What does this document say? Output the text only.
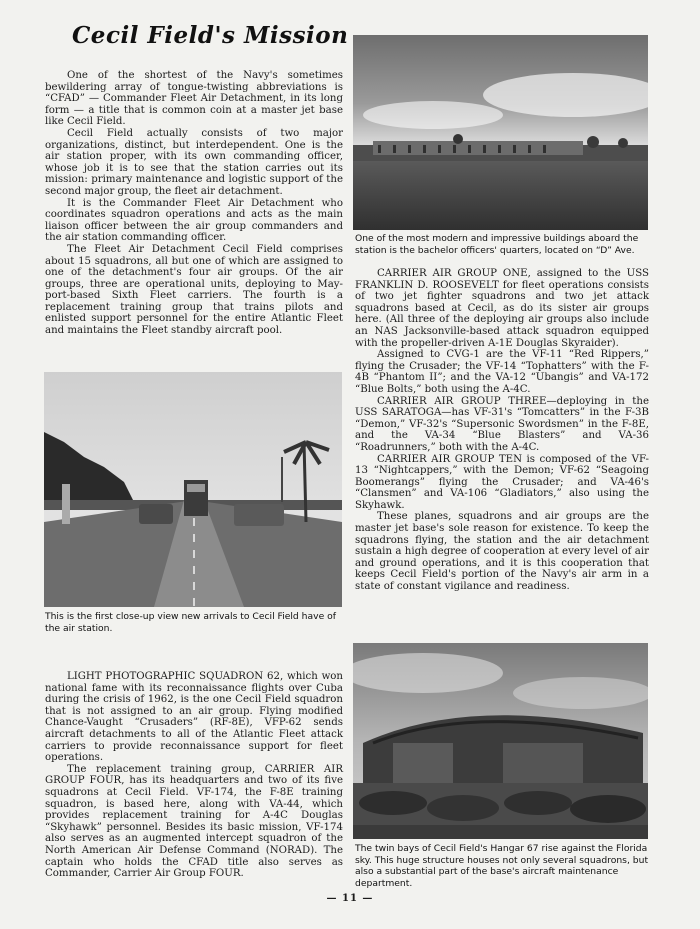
Cecil Field's Mission

One of the shortest of the Navy's sometimes bewildering array of tongue-twisting abbreviations is “CFAD” — Commander Fleet Air Detachment, in its long form — a title that is common coin at a master jet base like Cecil Field.

Cecil Field actually consists of two major organizations, distinct, but interdependent. One is the air station proper, with its own commanding officer, whose job it is to see that the station carries out its mission: primary maintenance and logistic support of the second major group, the fleet air detachment.

It is the Commander Fleet Air Detachment who coordinates squadron operations and acts as the main liaison officer between the air group commanders and the air station commanding officer.

The Fleet Air Detachment Cecil Field comprises about 15 squadrons, all but one of which are assigned to one of the detachment's four air groups. Of the air groups, three are operational units, deploying to May-port-based Sixth Fleet carriers. The fourth is a replacement training group that trains pilots and enlisted support personnel for the entire Atlantic Fleet and maintains the Fleet standby aircraft pool.

One of the most modern and impressive buildings aboard the station is the bachelor officers' quarters, located on “D” Ave.

CARRIER AIR GROUP ONE, assigned to the USS FRANKLIN D. ROOSEVELT for fleet operations consists of two jet fighter squadrons and two jet attack squadrons based at Cecil, as do its sister air groups here. (All three of the deploying air groups also include an NAS Jacksonville-based attack squadron equipped with the propeller-driven A-1E Douglas Skyraider).

Assigned to CVG-1 are the VF-11 “Red Rippers,” flying the Crusader; the VF-14 “Tophatters” with the F-4B “Phantom II”; and the VA-12 “Ubangis” and VA-172 “Blue Bolts,” both using the A-4C.

CARRIER AIR GROUP THREE—deploying in the USS SARATOGA—has VF-31's “Tomcatters” in the F-3B “Demon,” VF-32's “Supersonic Swordsmen” in the F-8E, and the VA-34 “Blue Blasters” and VA-36 “Roadrunners,” both with the A-4C.

CARRIER AIR GROUP TEN is composed of the VF-13 “Nightcappers,” with the Demon; VF-62 “Seagoing Boomerangs” flying the Crusader; and VA-46's “Clansmen” and VA-106 “Gladiators,” also using the Skyhawk.

These planes, squadrons and air groups are the master jet base's sole reason for existence. To keep the squadrons flying, the station and the air detachment sustain a high degree of cooperation at every level of air and ground operations, and it is this cooperation that keeps Cecil Field's portion of the Navy's air arm in a state of constant vigilance and readiness.

This is the first close-up view new arrivals to Cecil Field have of the air station.

LIGHT PHOTOGRAPHIC SQUADRON 62, which won national fame with its reconnaissance flights over Cuba during the crisis of 1962, is the one Cecil Field squadron that is not assigned to an air group. Flying modified Chance-Vaught “Crusaders” (RF-8E), VFP-62 sends aircraft detachments to all of the Atlantic Fleet attack carriers to provide reconnaissance support for fleet operations.

The replacement training group, CARRIER AIR GROUP FOUR, has its headquarters and two of its five squadrons at Cecil Field. VF-174, the F-8E training squadron, is based here, along with VA-44, which provides replacement training for A-4C Douglas “Skyhawk” personnel. Besides its basic mission, VF-174 also serves as an augmented intercept squadron of the North American Air Defense Command (NORAD). The captain who holds the CFAD title also serves as Commander, Carrier Air Group FOUR.

The twin bays of Cecil Field's Hangar 67 rise against the Florida sky. This huge structure houses not only several squadrons, but also a substantial part of the base's aircraft maintenance department.

— 11 —
